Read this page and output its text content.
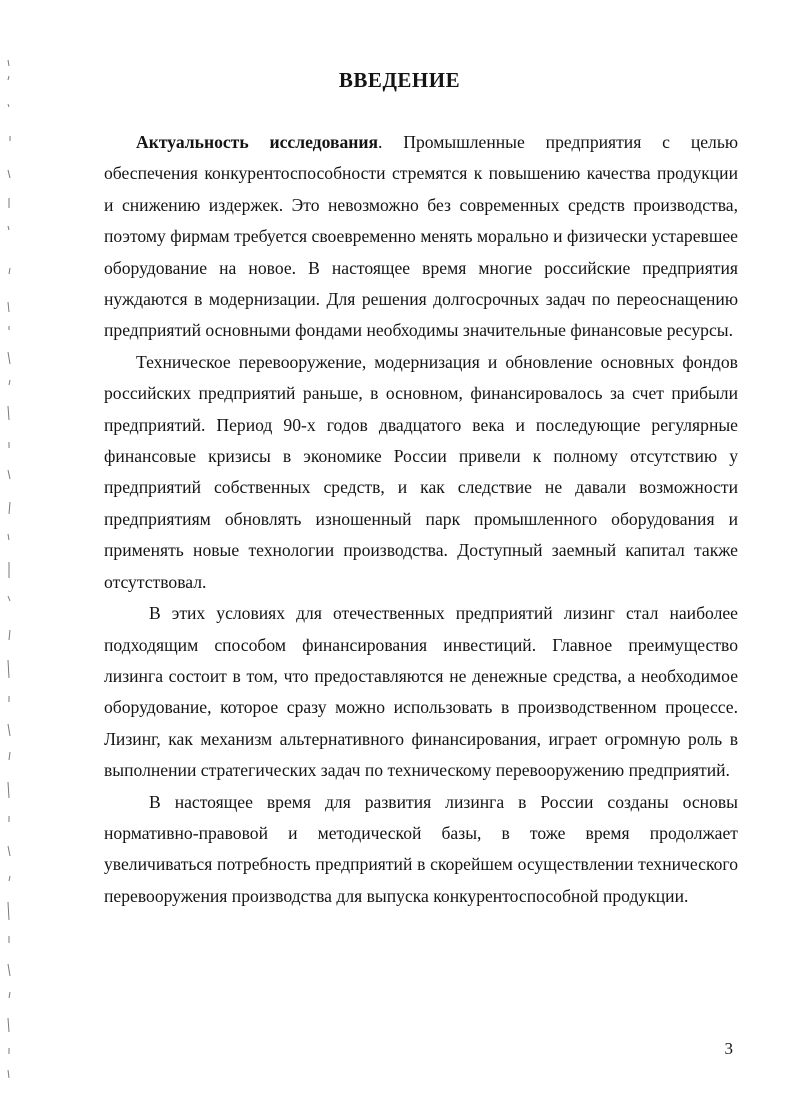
ВВЕДЕНИЕ

Актуальность исследования. Промышленные предприятия с целью обеспечения конкурентоспособности стремятся к повышению качества продукции и снижению издержек. Это невозможно без современных средств производства, поэтому фирмам требуется своевременно менять морально и физически устаревшее оборудование на новое. В настоящее время многие российские предприятия нуждаются в модернизации. Для решения долгосрочных задач по переоснащению предприятий основными фондами необходимы значительные финансовые ресурсы.

Техническое перевооружение, модернизация и обновление основных фондов российских предприятий раньше, в основном, финансировалось за счет прибыли предприятий. Период 90-х годов двадцатого века и последующие регулярные финансовые кризисы в экономике России привели к полному отсутствию у предприятий собственных средств, и как следствие не давали возможности предприятиям обновлять изношенный парк промышленного оборудования и применять новые технологии производства. Доступный заемный капитал также отсутствовал.

В этих условиях для отечественных предприятий лизинг стал наиболее подходящим способом финансирования инвестиций. Главное преимущество лизинга состоит в том, что предоставляются не денежные средства, а необходимое оборудование, которое сразу можно использовать в производственном процессе. Лизинг, как механизм альтернативного финансирования, играет огромную роль в выполнении стратегических задач по техническому перевооружению предприятий.

В настоящее время для развития лизинга в России созданы основы нормативно-правовой и методической базы, в тоже время продолжает увеличиваться потребность предприятий в скорейшем осуществлении технического перевооружения производства для выпуска конкурентоспособной продукции.

3
